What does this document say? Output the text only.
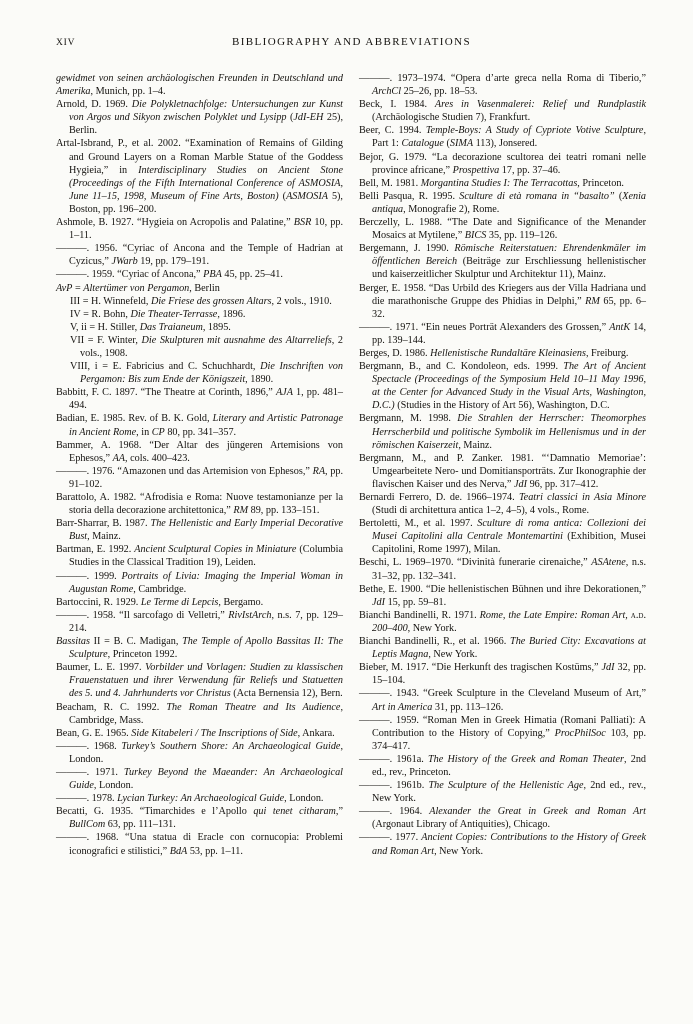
XIV	BIBLIOGRAPHY AND ABBREVIATIONS

gewidmet von seinen archäologischen Freunden in Deutschland und Amerika, Munich, pp. 1–4.

Arnold, D. 1969. Die Polykletnachfolge: Untersuchungen zur Kunst von Argos und Sikyon zwischen Polyklet und Lysipp (JdI-EH 25), Berlin.

Artal-Isbrand, P., et al. 2002. “Examination of Remains of Gilding and Ground Layers on a Roman Marble Statue of the Goddess Hygieia,” in Interdisciplinary Studies on Ancient Stone (Proceedings of the Fifth International Conference of ASMOSIA, June 11–15, 1998, Museum of Fine Arts, Boston) (ASMOSIA 5), Boston, pp. 196–200.

Ashmole, B. 1927. “Hygieia on Acropolis and Palatine,” BSR 10, pp. 1–11.

———. 1956. “Cyriac of Ancona and the Temple of Hadrian at Cyzicus,” JWarb 19, pp. 179–191.

———. 1959. “Cyriac of Ancona,” PBA 45, pp. 25–41.

AvP = Altertümer von Pergamon, Berlin

III = H. Winnefeld, Die Friese des grossen Altars, 2 vols., 1910.

IV = R. Bohn, Die Theater-Terrasse, 1896.

V, ii = H. Stiller, Das Traianeum, 1895.

VII = F. Winter, Die Skulpturen mit ausnahme des Altarreliefs, 2 vols., 1908.

VIII, i = E. Fabricius and C. Schuchhardt, Die Inschriften von Pergamon: Bis zum Ende der Königszeit, 1890.

Babbitt, F. C. 1897. “The Theatre at Corinth, 1896,” AJA 1, pp. 481–494.

Badian, E. 1985. Rev. of B. K. Gold, Literary and Artistic Patronage in Ancient Rome, in CP 80, pp. 341–357.

Bammer, A. 1968. “Der Altar des jüngeren Artemisions von Ephesos,” AA, cols. 400–423.

———. 1976. “Amazonen und das Artemision von Ephesos,” RA, pp. 91–102.

Barattolo, A. 1982. “Afrodisia e Roma: Nuove testamonianze per la storia della decorazione architettonica,” RM 89, pp. 133–151.

Barr-Sharrar, B. 1987. The Hellenistic and Early Imperial Decorative Bust, Mainz.

Bartman, E. 1992. Ancient Sculptural Copies in Miniature (Columbia Studies in the Classical Tradition 19), Leiden.

———. 1999. Portraits of Livia: Imaging the Imperial Woman in Augustan Rome, Cambridge.

Bartoccini, R. 1929. Le Terme di Lepcis, Bergamo.

———. 1958. “Il sarcofago di Velletri,” RivIstArch, n.s. 7, pp. 129–214.

Bassitas II = B. C. Madigan, The Temple of Apollo Bassitas II: The Sculpture, Princeton 1992.

Baumer, L. E. 1997. Vorbilder und Vorlagen: Studien zu klassischen Frauenstatuen und ihrer Verwendung für Reliefs und Statuetten des 5. und 4. Jahrhunderts vor Christus (Acta Bernensia 12), Bern.

Beacham, R. C. 1992. The Roman Theatre and Its Audience, Cambridge, Mass.

Bean, G. E. 1965. Side Kitabeleri / The Inscriptions of Side, Ankara.

———. 1968. Turkey’s Southern Shore: An Archaeological Guide, London.

———. 1971. Turkey Beyond the Maeander: An Archaeological Guide, London.

———. 1978. Lycian Turkey: An Archaeological Guide, London.

Becatti, G. 1935. “Timarchides e l’Apollo qui tenet citharam,” BullCom 63, pp. 111–131.

———. 1968. “Una statua di Eracle con cornucopia: Problemi iconografici e stilistici,” BdA 53, pp. 1–11.

———. 1973–1974. “Opera d’arte greca nella Roma di Tiberio,” ArchCl 25–26, pp. 18–53.

Beck, I. 1984. Ares in Vasenmalerei: Relief und Rundplastik (Archäologische Studien 7), Frankfurt.

Beer, C. 1994. Temple-Boys: A Study of Cypriote Votive Sculpture, Part 1: Catalogue (SIMA 113), Jonsered.

Bejor, G. 1979. “La decorazione scultorea dei teatri romani nelle province africane,” Prospettiva 17, pp. 37–46.

Bell, M. 1981. Morgantina Studies I: The Terracottas, Princeton.

Belli Pasqua, R. 1995. Sculture di età romana in “basalto” (Xenia antiqua, Monografie 2), Rome.

Berczelly, L. 1988. “The Date and Significance of the Menander Mosaics at Mytilene,” BICS 35, pp. 119–126.

Bergemann, J. 1990. Römische Reiterstatuen: Ehrendenkmäler im öffentlichen Bereich (Beiträge zur Erschliessung hellenistischer und kaiserzeitlicher Skulptur und Architektur 11), Mainz.

Berger, E. 1958. “Das Urbild des Kriegers aus der Villa Hadriana und die marathonische Gruppe des Phidias in Delphi,” RM 65, pp. 6–32.

———. 1971. “Ein neues Porträt Alexanders des Grossen,” AntK 14, pp. 139–144.

Berges, D. 1986. Hellenistische Rundaltäre Kleinasiens, Freiburg.

Bergmann, B., and C. Kondoleon, eds. 1999. The Art of Ancient Spectacle (Proceedings of the Symposium Held 10–11 May 1996, at the Center for Advanced Study in the Visual Arts, Washington, D.C.) (Studies in the History of Art 56), Washington, D.C.

Bergmann, M. 1998. Die Strahlen der Herrscher: Theomorphes Herrscherbild und politische Symbolik im Hellenismus und in der römischen Kaiserzeit, Mainz.

Bergmann, M., and P. Zanker. 1981. “‘Damnatio Memoriae’: Umgearbeitete Nero- und Domitiansporträts. Zur Ikonographie der flavischen Kaiser und des Nerva,” JdI 96, pp. 317–412.

Bernardi Ferrero, D. de. 1966–1974. Teatri classici in Asia Minore (Studi di architettura antica 1–2, 4–5), 4 vols., Rome.

Bertoletti, M., et al. 1997. Sculture di roma antica: Collezioni dei Musei Capitolini alla Centrale Montemartini (Exhibition, Musei Capitolini, Rome 1997), Milan.

Beschi, L. 1969–1970. “Divinità funerarie cirenaiche,” ASAtene, n.s. 31–32, pp. 132–341.

Bethe, E. 1900. “Die hellenistischen Bühnen und ihre Dekorationen,” JdI 15, pp. 59–81.

Bianchi Bandinelli, R. 1971. Rome, the Late Empire: Roman Art, a.d. 200–400, New York.

Bianchi Bandinelli, R., et al. 1966. The Buried City: Excavations at Leptis Magna, New York.

Bieber, M. 1917. “Die Herkunft des tragischen Kostüms,” JdI 32, pp. 15–104.

———. 1943. “Greek Sculpture in the Cleveland Museum of Art,” Art in America 31, pp. 113–126.

———. 1959. “Roman Men in Greek Himatia (Romani Palliati): A Contribution to the History of Copying,” ProcPhilSoc 103, pp. 374–417.

———. 1961a. The History of the Greek and Roman Theater, 2nd ed., rev., Princeton.

———. 1961b. The Sculpture of the Hellenistic Age, 2nd ed., rev., New York.

———. 1964. Alexander the Great in Greek and Roman Art (Argonaut Library of Antiquities), Chicago.

———. 1977. Ancient Copies: Contributions to the History of Greek and Roman Art, New York.
